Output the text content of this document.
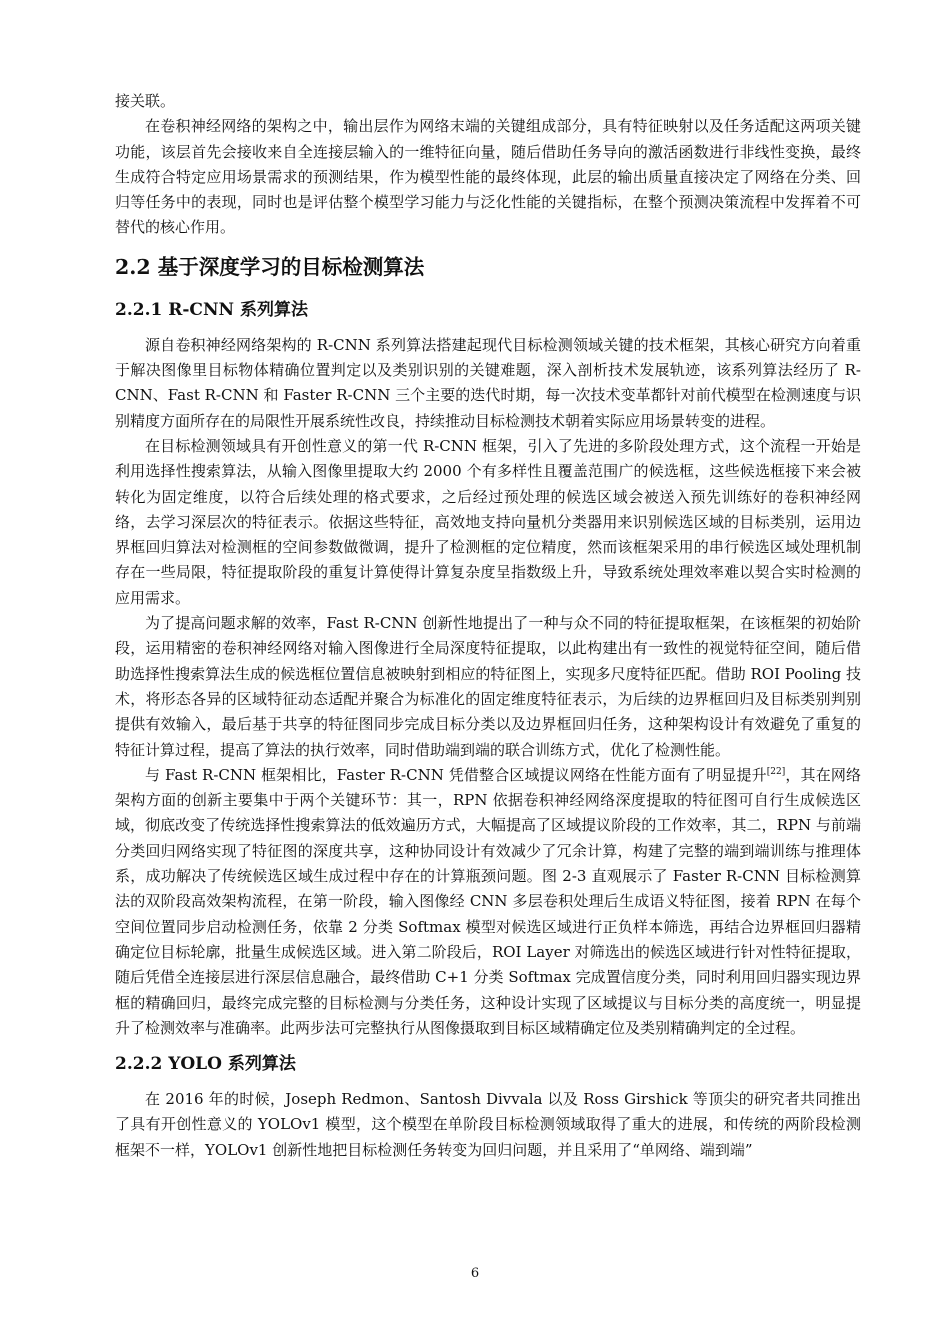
接关联。

在卷积神经网络的架构之中，输出层作为网络末端的关键组成部分，具有特征映射以及任务适配这两项关键功能，该层首先会接收来自全连接层输入的一维特征向量，随后借助任务导向的激活函数进行非线性变换，最终生成符合特定应用场景需求的预测结果，作为模型性能的最终体现，此层的输出质量直接决定了网络在分类、回归等任务中的表现，同时也是评估整个模型学习能力与泛化性能的关键指标，在整个预测决策流程中发挥着不可替代的核心作用。

2.2 基于深度学习的目标检测算法
2.2.1 R-CNN 系列算法

源自卷积神经网络架构的 R-CNN 系列算法搭建起现代目标检测领域关键的技术框架，其核心研究方向着重于解决图像里目标物体精确位置判定以及类别识别的关键难题，深入剖析技术发展轨迹，该系列算法经历了 R-CNN、Fast R-CNN 和 Faster R-CNN 三个主要的迭代时期，每一次技术变革都针对前代模型在检测速度与识别精度方面所存在的局限性开展系统性改良，持续推动目标检测技术朝着实际应用场景转变的进程。

在目标检测领域具有开创性意义的第一代 R-CNN 框架，引入了先进的多阶段处理方式，这个流程一开始是利用选择性搜索算法，从输入图像里提取大约 2000 个有多样性且覆盖范围广的候选框，这些候选框接下来会被转化为固定维度，以符合后续处理的格式要求，之后经过预处理的候选区域会被送入预先训练好的卷积神经网络，去学习深层次的特征表示。依据这些特征，高效地支持向量机分类器用来识别候选区域的目标类别，运用边界框回归算法对检测框的空间参数做微调，提升了检测框的定位精度，然而该框架采用的串行候选区域处理机制存在一些局限，特征提取阶段的重复计算使得计算复杂度呈指数级上升，导致系统处理效率难以契合实时检测的应用需求。

为了提高问题求解的效率，Fast R-CNN 创新性地提出了一种与众不同的特征提取框架，在该框架的初始阶段，运用精密的卷积神经网络对输入图像进行全局深度特征提取，以此构建出有一致性的视觉特征空间，随后借助选择性搜索算法生成的候选框位置信息被映射到相应的特征图上，实现多尺度特征匹配。借助 ROI Pooling 技术，将形态各异的区域特征动态适配并聚合为标准化的固定维度特征表示，为后续的边界框回归及目标类别判别提供有效输入，最后基于共享的特征图同步完成目标分类以及边界框回归任务，这种架构设计有效避免了重复的特征计算过程，提高了算法的执行效率，同时借助端到端的联合训练方式，优化了检测性能。

与 Fast R-CNN 框架相比，Faster R-CNN 凭借整合区域提议网络在性能方面有了明显提升[22]，其在网络架构方面的创新主要集中于两个关键环节：其一，RPN 依据卷积神经网络深度提取的特征图可自行生成候选区域，彻底改变了传统选择性搜索算法的低效遍历方式，大幅提高了区域提议阶段的工作效率，其二，RPN 与前端分类回归网络实现了特征图的深度共享，这种协同设计有效减少了冗余计算，构建了完整的端到端训练与推理体系，成功解决了传统候选区域生成过程中存在的计算瓶颈问题。图 2-3 直观展示了 Faster R-CNN 目标检测算法的双阶段高效架构流程，在第一阶段，输入图像经 CNN 多层卷积处理后生成语义特征图，接着 RPN 在每个空间位置同步启动检测任务，依靠 2 分类 Softmax 模型对候选区域进行正负样本筛选，再结合边界框回归器精确定位目标轮廓，批量生成候选区域。进入第二阶段后，ROI Layer 对筛选出的候选区域进行针对性特征提取，随后凭借全连接层进行深层信息融合，最终借助 C+1 分类 Softmax 完成置信度分类，同时利用回归器实现边界框的精确回归，最终完成完整的目标检测与分类任务，这种设计实现了区域提议与目标分类的高度统一，明显提升了检测效率与准确率。此两步法可完整执行从图像摄取到目标区域精确定位及类别精确判定的全过程。

2.2.2 YOLO 系列算法

在 2016 年的时候，Joseph Redmon、Santosh Divvala 以及 Ross Girshick 等顶尖的研究者共同推出了具有开创性意义的 YOLOv1 模型，这个模型在单阶段目标检测领域取得了重大的进展，和传统的两阶段检测框架不一样，YOLOv1 创新性地把目标检测任务转变为回归问题，并且采用了“单网络、端到端”

6
